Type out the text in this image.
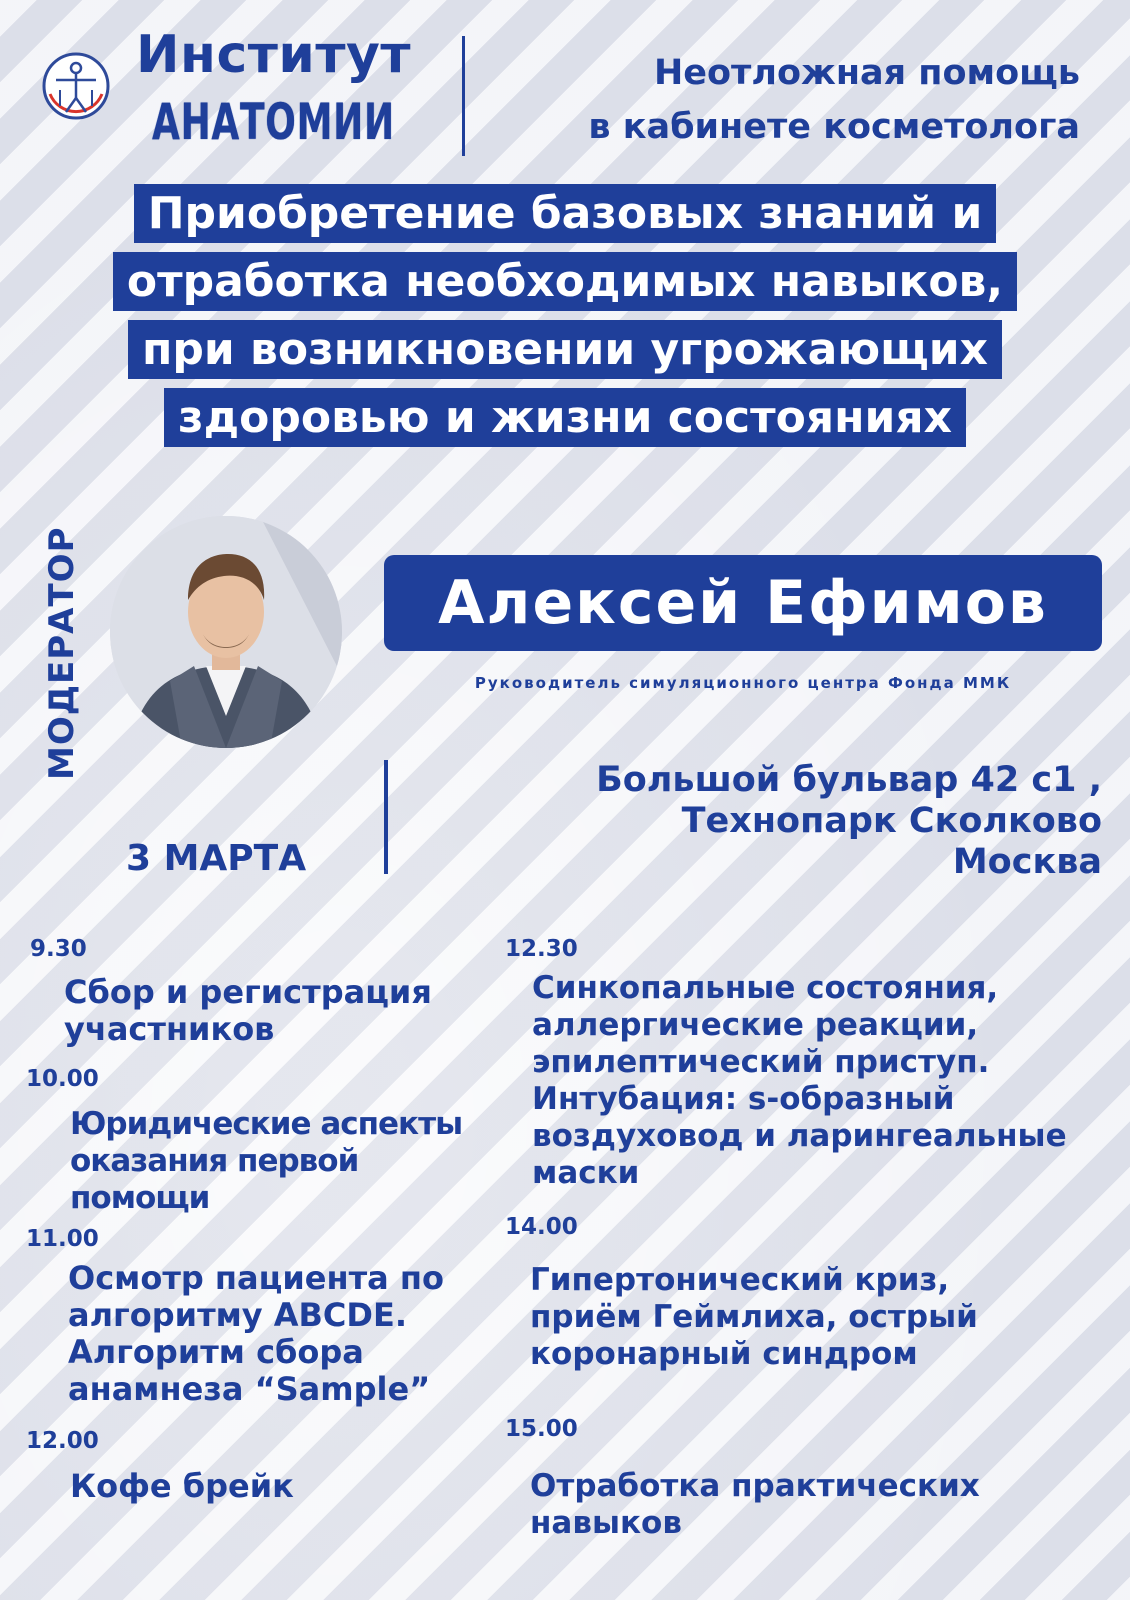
Институт
АНАТОМИИ
Неотложная помощь
в кабинете косметолога
Приобретение базовых знаний и
отработка необходимых навыков,
при возникновении угрожающих
здоровью и жизни состояниях
МОДЕРАТОР	Алексей Ефимов
Руководитель симуляционного центра Фонда ММК
3 МАРТА
Большой бульвар 42 с1 ,
Технопарк Сколково
Москва
9.30
Сбор и регистрация
участников
10.00
Юридические аспекты
оказания первой
помощи
11.00
Осмотр пациента по
алгоритму ABCDE.
Алгоритм сбора
анамнеза “Sample”
12.00
Кофе брейк
12.30
Синкопальные состояния,
аллергические реакции,
эпилептический приступ.
Интубация: s-образный
воздуховод и ларингеальные
маски
14.00
Гипертонический криз,
приём Геймлиха, острый
коронарный синдром
15.00
Отработка практических
навыков
